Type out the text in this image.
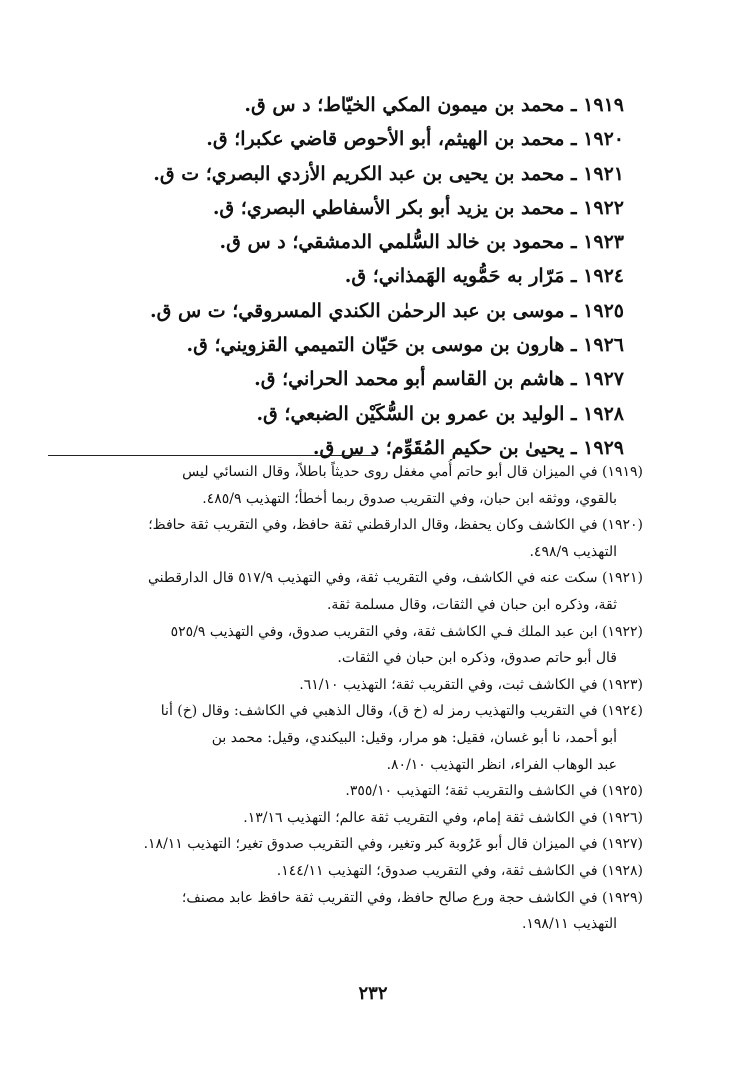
١٩١٩ ـ محمد بن ميمون المكي الخيّاط؛ د س ق.
١٩٢٠ ـ محمد بن الهيثم، أبو الأحوص قاضي عكبرا؛ ق.
١٩٢١ ـ محمد بن يحيى بن عبد الكريم الأزدي البصري؛ ت ق.
١٩٢٢ ـ محمد بن يزيد أبو بكر الأسفاطي البصري؛ ق.
١٩٢٣ ـ محمود بن خالد السُّلمي الدمشقي؛ د س ق.
١٩٢٤ ـ مَرّار به حَمُّويه الهَمذاني؛ ق.
١٩٢٥ ـ موسى بن عبد الرحمٰن الكندي المسروقي؛ ت س ق.
١٩٢٦ ـ هارون بن موسى بن حَيّان التميمي القزويني؛ ق.
١٩٢٧ ـ هاشم بن القاسم أبو محمد الحراني؛ ق.
١٩٢٨ ـ الوليد بن عمرو بن السُّكَيْن الضبعي؛ ق.
١٩٢٩ ـ يحيىٰ بن حكيم المُقَوِّم؛ د س ق.
(١٩١٩) في الميزان قال أبو حاتم أُمي مغفل روى حديثاً باطلاً، وقال النسائي ليس
بالقوي، ووثقه ابن حبان، وفي التقريب صدوق ربما أخطأ؛ التهذيب ٤٨٥/٩.
(١٩٢٠) في الكاشف وكان يحفظ، وقال الدارقطني ثقة حافظ، وفي التقريب ثقة حافظ؛
التهذيب ٤٩٨/٩.
(١٩٢١) سكت عنه في الكاشف، وفي التقريب ثقة، وفي التهذيب ٥١٧/٩ قال الدارقطني
ثقة، وذكره ابن حبان في الثقات، وقال مسلمة ثقة.
(١٩٢٢) ابن عبد الملك فـي الكاشف ثقة، وفي التقريب صدوق، وفي التهذيب ٥٢٥/٩
قال أبو حاتم صدوق، وذكره ابن حبان في الثقات.
(١٩٢٣) في الكاشف ثبت، وفي التقريب ثقة؛ التهذيب ٦١/١٠.
(١٩٢٤) في التقريب والتهذيب رمز له (خ ق)، وقال الذهبي في الكاشف: وقال (خ) أنا
أبو أحمد، نا أبو غسان، فقيل: هو مرار، وقيل: البيكندي، وقيل: محمد بن
عبد الوهاب الفراء، انظر التهذيب ٨٠/١٠.
(١٩٢٥) في الكاشف والتقريب ثقة؛ التهذيب ٣٥٥/١٠.
(١٩٢٦) في الكاشف ثقة إمام، وفي التقريب ثقة عالم؛ التهذيب ١٣/١٦.
(١٩٢٧) في الميزان قال أبو عَرُوبة كبر وتغير، وفي التقريب صدوق تغير؛ التهذيب ١٨/١١.
(١٩٢٨) في الكاشف ثقة، وفي التقريب صدوق؛ التهذيب ١٤٤/١١.
(١٩٢٩) في الكاشف حجة ورع صالح حافظ، وفي التقريب ثقة حافظ عابد مصنف؛
التهذيب ١٩٨/١١.
٢٣٢
